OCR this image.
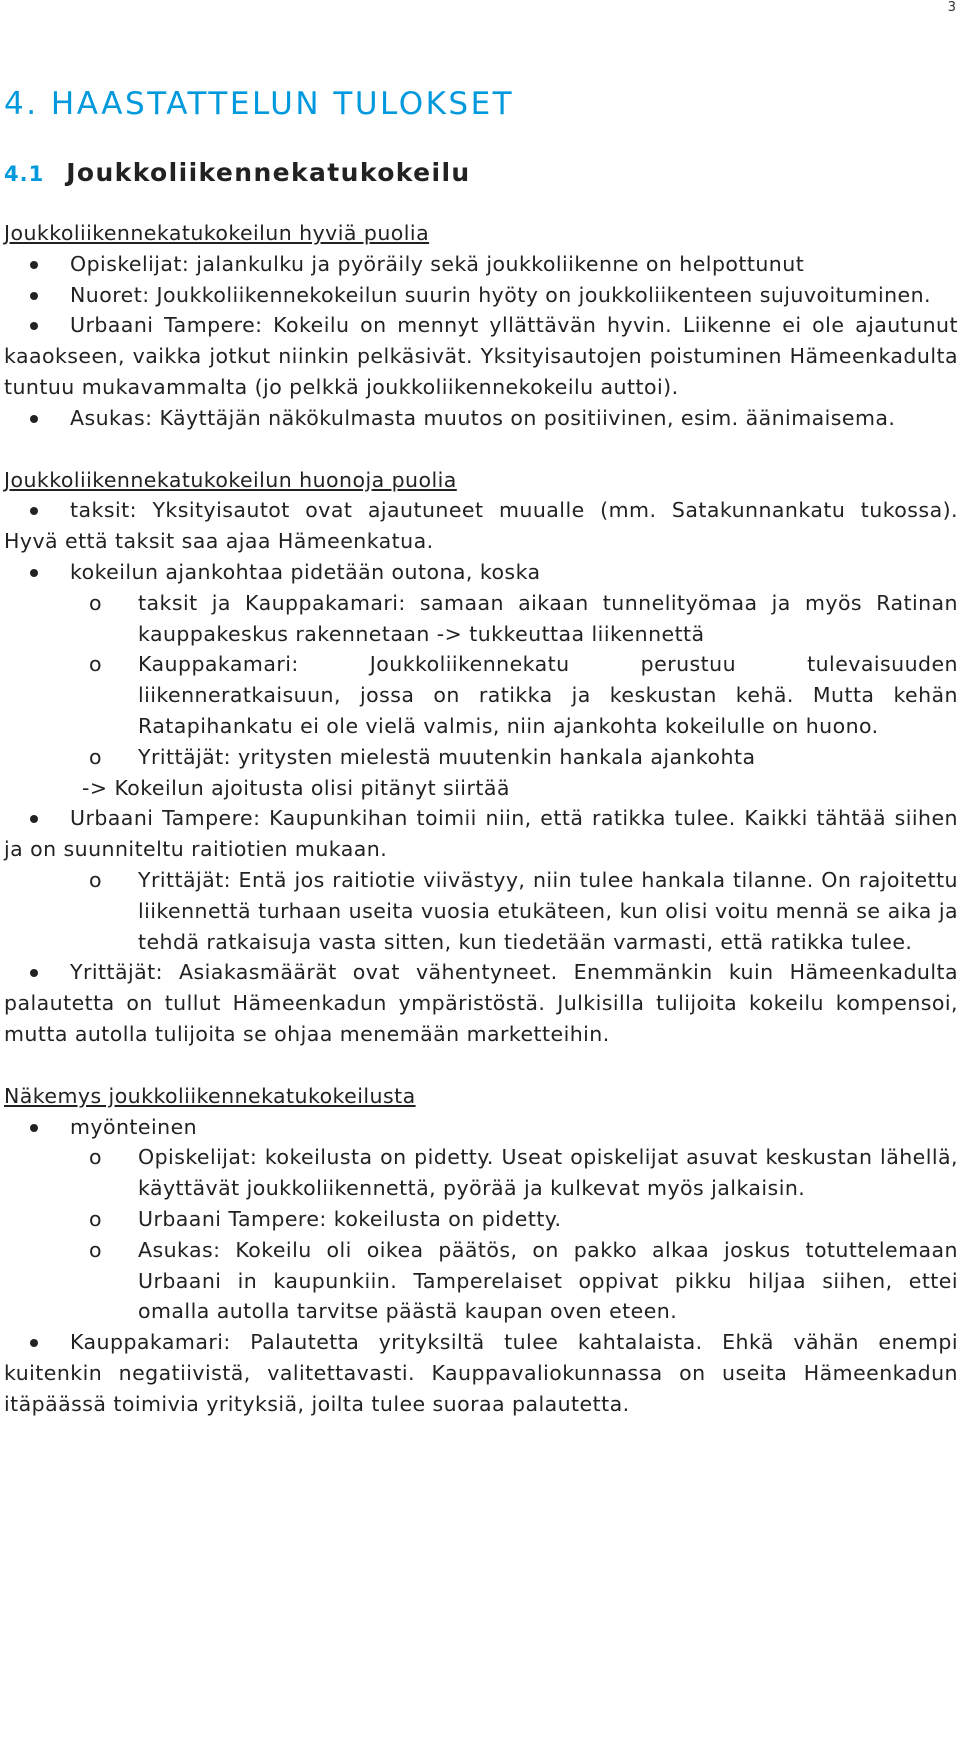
3
4. HAASTATTELUN TULOKSET
4.1 Joukkoliikennekatukokeilu

Joukkoliikennekatukokeilun hyviä puolia

Opiskelijat: jalankulku ja pyöräily sekä joukkoliikenne on helpottunut
Nuoret: Joukkoliikennekokeilun suurin hyöty on joukkoliikenteen sujuvoituminen.
Urbaani Tampere: Kokeilu on mennyt yllättävän hyvin. Liikenne ei ole ajautunut kaaokseen, vaikka jotkut niinkin pelkäsivät. Yksityisautojen poistuminen Hämeenkadulta tuntuu mukavammalta (jo pelkkä joukkoliikennekokeilu auttoi).
Asukas: Käyttäjän näkökulmasta muutos on positiivinen, esim. äänimaisema.

Joukkoliikennekatukokeilun huonoja puolia

taksit: Yksityisautot ovat ajautuneet muualle (mm. Satakunnankatu tukossa). Hyvä että taksit saa ajaa Hämeenkatua.
kokeilun ajankohtaa pidetään outona, koska
o taksit ja Kauppakamari: samaan aikaan tunnelityömaa ja myös Ratinan kauppakeskus rakennetaan -> tukkeuttaa liikennettä
o Kauppakamari: Joukkoliikennekatu perustuu tulevaisuuden liikenneratkaisuun, jossa on ratikka ja keskustan kehä. Mutta kehän Ratapihankatu ei ole vielä valmis, niin ajankohta kokeilulle on huono.
o Yrittäjät: yritysten mielestä muutenkin hankala ajankohta
-> Kokeilun ajoitusta olisi pitänyt siirtää
Urbaani Tampere: Kaupunkihan toimii niin, että ratikka tulee. Kaikki tähtää siihen ja on suunniteltu raitiotien mukaan.
o Yrittäjät: Entä jos raitiotie viivästyy, niin tulee hankala tilanne. On rajoitettu liikennettä turhaan useita vuosia etukäteen, kun olisi voitu mennä se aika ja tehdä ratkaisuja vasta sitten, kun tiedetään varmasti, että ratikka tulee.
Yrittäjät: Asiakasmäärät ovat vähentyneet. Enemmänkin kuin Hämeenkadulta palautetta on tullut Hämeenkadun ympäristöstä. Julkisilla tulijoita kokeilu kompensoi, mutta autolla tulijoita se ohjaa menemään marketteihin.

Näkemys joukkoliikennekatukokeilusta

myönteinen
o Opiskelijat: kokeilusta on pidetty. Useat opiskelijat asuvat keskustan lähellä, käyttävät joukkoliikennettä, pyörää ja kulkevat myös jalkaisin.
o Urbaani Tampere: kokeilusta on pidetty.
o Asukas: Kokeilu oli oikea päätös, on pakko alkaa joskus totuttelemaan Urbaani in kaupunkiin. Tamperelaiset oppivat pikku hiljaa siihen, ettei omalla autolla tarvitse päästä kaupan oven eteen.
Kauppakamari: Palautetta yrityksiltä tulee kahtalaista. Ehkä vähän enempi kuitenkin negatiivistä, valitettavasti. Kauppavaliokunnassa on useita Hämeenkadun itäpäässä toimivia yrityksiä, joilta tulee suoraa palautetta.
